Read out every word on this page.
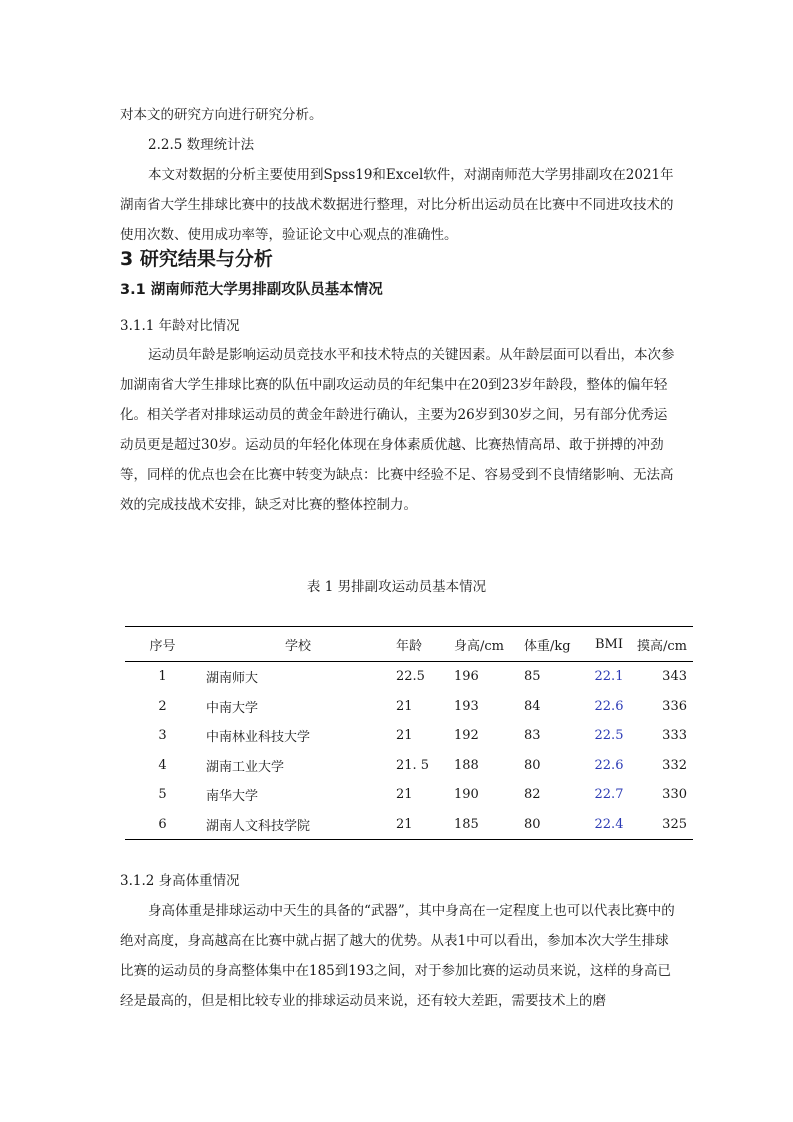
对本文的研究方向进行研究分析。
2.2.5 数理统计法

本文对数据的分析主要使用到Spss19和Excel软件，对湖南师范大学男排副攻在2021年湖南省大学生排球比赛中的技战术数据进行整理，对比分析出运动员在比赛中不同进攻技术的使用次数、使用成功率等，验证论文中心观点的准确性。

3 研究结果与分析
3.1 湖南师范大学男排副攻队员基本情况
3.1.1 年龄对比情况

运动员年龄是影响运动员竞技水平和技术特点的关键因素。从年龄层面可以看出，本次参加湖南省大学生排球比赛的队伍中副攻运动员的年纪集中在20到23岁年龄段，整体的偏年轻化。相关学者对排球运动员的黄金年龄进行确认，主要为26岁到30岁之间，另有部分优秀运动员更是超过30岁。运动员的年轻化体现在身体素质优越、比赛热情高昂、敢于拼搏的冲劲等，同样的优点也会在比赛中转变为缺点：比赛中经验不足、容易受到不良情绪影响、无法高效的完成技战术安排，缺乏对比赛的整体控制力。

表 1 男排副攻运动员基本情况
序号	学校	年龄	身高/cm	体重/kg	BMI	摸高/cm
1	湖南师大	22.5	196	85	22.1	343
2	中南大学	21	193	84	22.6	336
3	中南林业科技大学	21	192	83	22.5	333
4	湖南工业大学	21. 5	188	80	22.6	332
5	南华大学	21	190	82	22.7	330
6	湖南人文科技学院	21	185	80	22.4	325
3.1.2 身高体重情况

身高体重是排球运动中天生的具备的“武器”，其中身高在一定程度上也可以代表比赛中的绝对高度，身高越高在比赛中就占据了越大的优势。从表1中可以看出，参加本次大学生排球比赛的运动员的身高整体集中在185到193之间，对于参加比赛的运动员来说，这样的身高已经是最高的，但是相比较专业的排球运动员来说，还有较大差距，需要技术上的磨
